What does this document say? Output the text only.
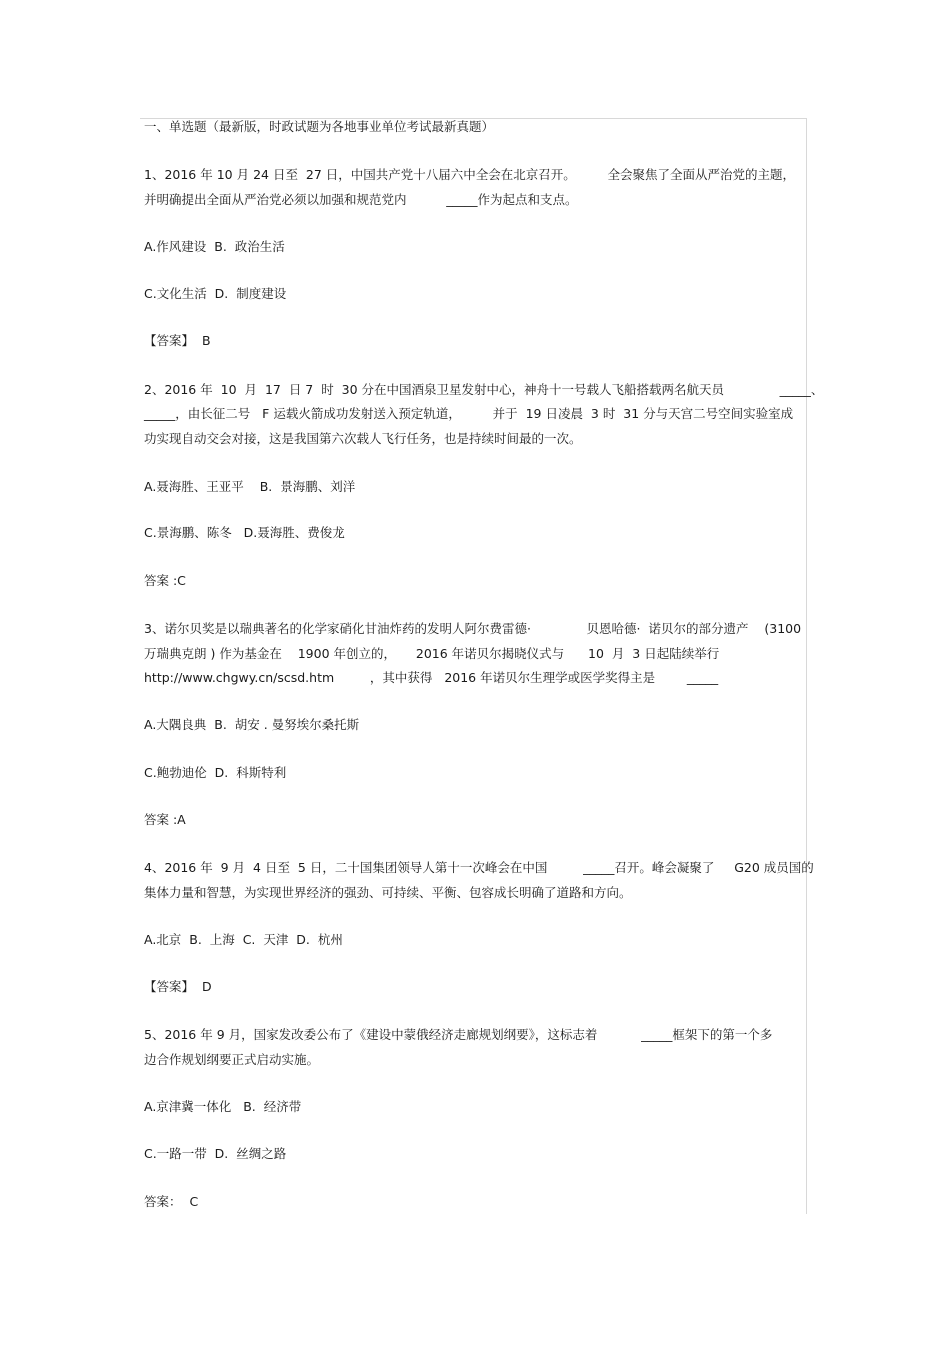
一、单选题（最新版，时政试题为各地事业单位考试最新真题）

1、2016 年 10 月 24 日至  27 日，中国共产党十八届六中全会在北京召开。        全会聚焦了全面从严治党的主题，

并明确提出全面从严治党必须以加强和规范党内          _____作为起点和支点。

A.作风建设  B.  政治生活

C.文化生活  D.  制度建设

【答案】  B

2、2016 年  10  月  17  日 7  时  30 分在中国酒泉卫星发射中心，神舟十一号载人飞船搭载两名航天员              _____、

_____，由长征二号   F 运载火箭成功发射送入预定轨道，        并于  19 日凌晨  3 时  31 分与天宫二号空间实验室成

功实现自动交会对接，这是我国第六次载人飞行任务，也是持续时间最的一次。

A.聂海胜、王亚平    B.  景海鹏、刘洋

C.景海鹏、陈冬   D.聂海胜、费俊龙

答案 :C

3、诺尔贝奖是以瑞典著名的化学家硝化甘油炸药的发明人阿尔费雷德·              贝恩哈德·  诺贝尔的部分遗产    (3100

万瑞典克朗 ) 作为基金在    1900 年创立的，     2016 年诺贝尔揭晓仪式与      10  月  3 日起陆续举行

http://www.chgwy.cn/scsd.htm         ，其中获得   2016 年诺贝尔生理学或医学奖得主是        _____

A.大隅良典  B.  胡安 . 曼努埃尔桑托斯

C.鲍勃迪伦  D.  科斯特利

答案 :A

4、2016 年  9 月  4 日至  5 日，二十国集团领导人第十一次峰会在中国         _____召开。峰会凝聚了     G20 成员国的

集体力量和智慧，为实现世界经济的强劲、可持续、平衡、包容成长明确了道路和方向。

A.北京  B.  上海  C.  天津  D.  杭州

【答案】  D

5、2016 年 9 月，国家发改委公布了《建设中蒙俄经济走廊规划纲要》，这标志着           _____框架下的第一个多

边合作规划纲要正式启动实施。

A.京津冀一体化   B.  经济带

C.一路一带  D.  丝绸之路

答案：  C
